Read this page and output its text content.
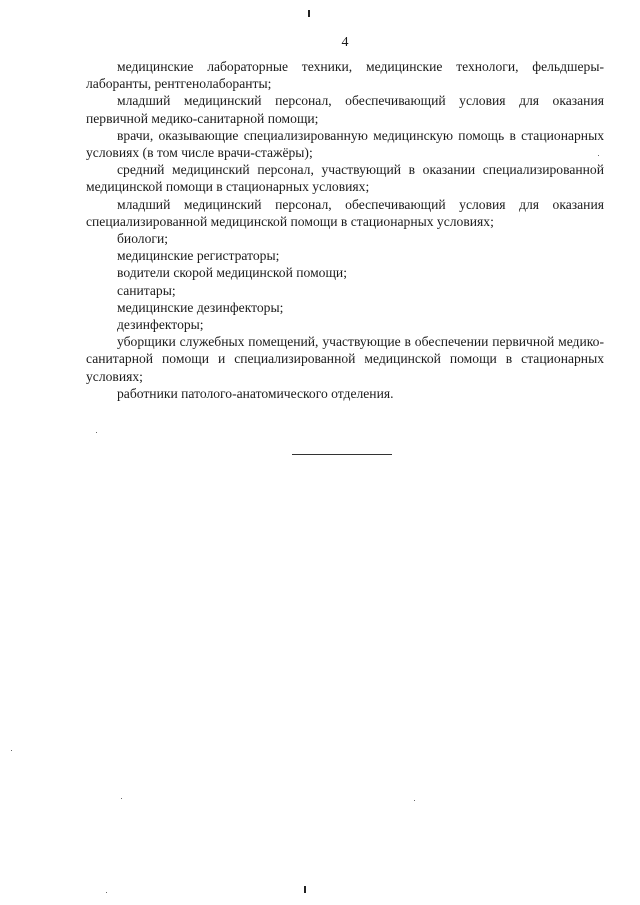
4

медицинские лабораторные техники, медицинские технологи, фельдшеры-лаборанты, рентгенолаборанты;

младший медицинский персонал, обеспечивающий условия для оказания первичной медико-санитарной помощи;

врачи, оказывающие специализированную медицинскую помощь в стационарных условиях (в том числе врачи-стажёры);

средний медицинский персонал, участвующий в оказании специализированной медицинской помощи в стационарных условиях;

младший медицинский персонал, обеспечивающий условия для оказания специализированной медицинской помощи в стационарных условиях;

биологи;

медицинские регистраторы;

водители скорой медицинской помощи;

санитары;

медицинские дезинфекторы;

дезинфекторы;

уборщики служебных помещений, участвующие в обеспечении первичной медико-санитарной помощи и специализированной медицинской помощи в стационарных условиях;

работники патолого-анатомического отделения.
